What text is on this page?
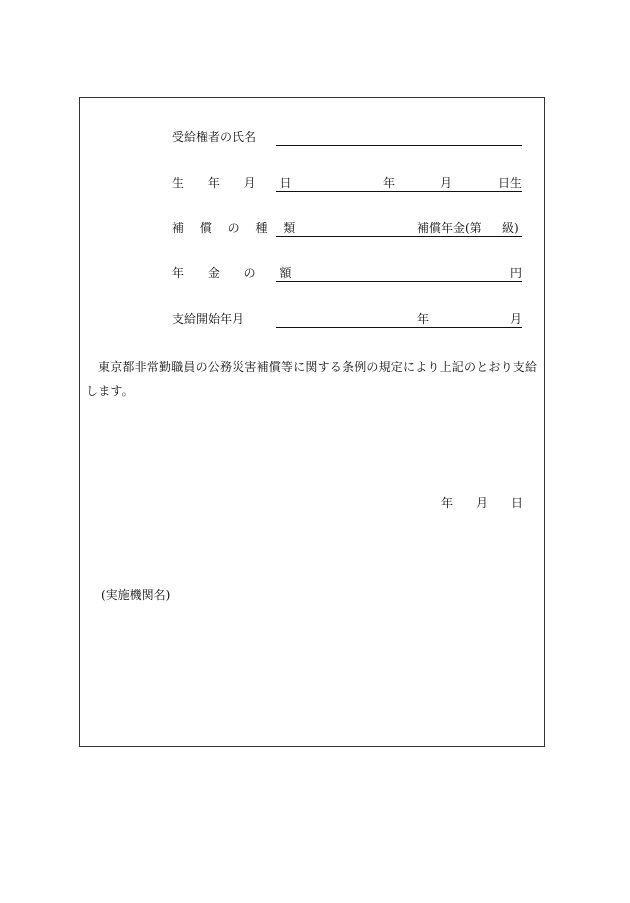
受給権者の氏名
生 年 月 日	年	月	日生
補 償 の 種 類	補償年金(第 級)
年 金 の 額	円
支給開始年月	年	月
東京都非常勤職員の公務災害補償等に関する条例の規定により上記のとおり支給します。
年 月 日
(実施機関名)
